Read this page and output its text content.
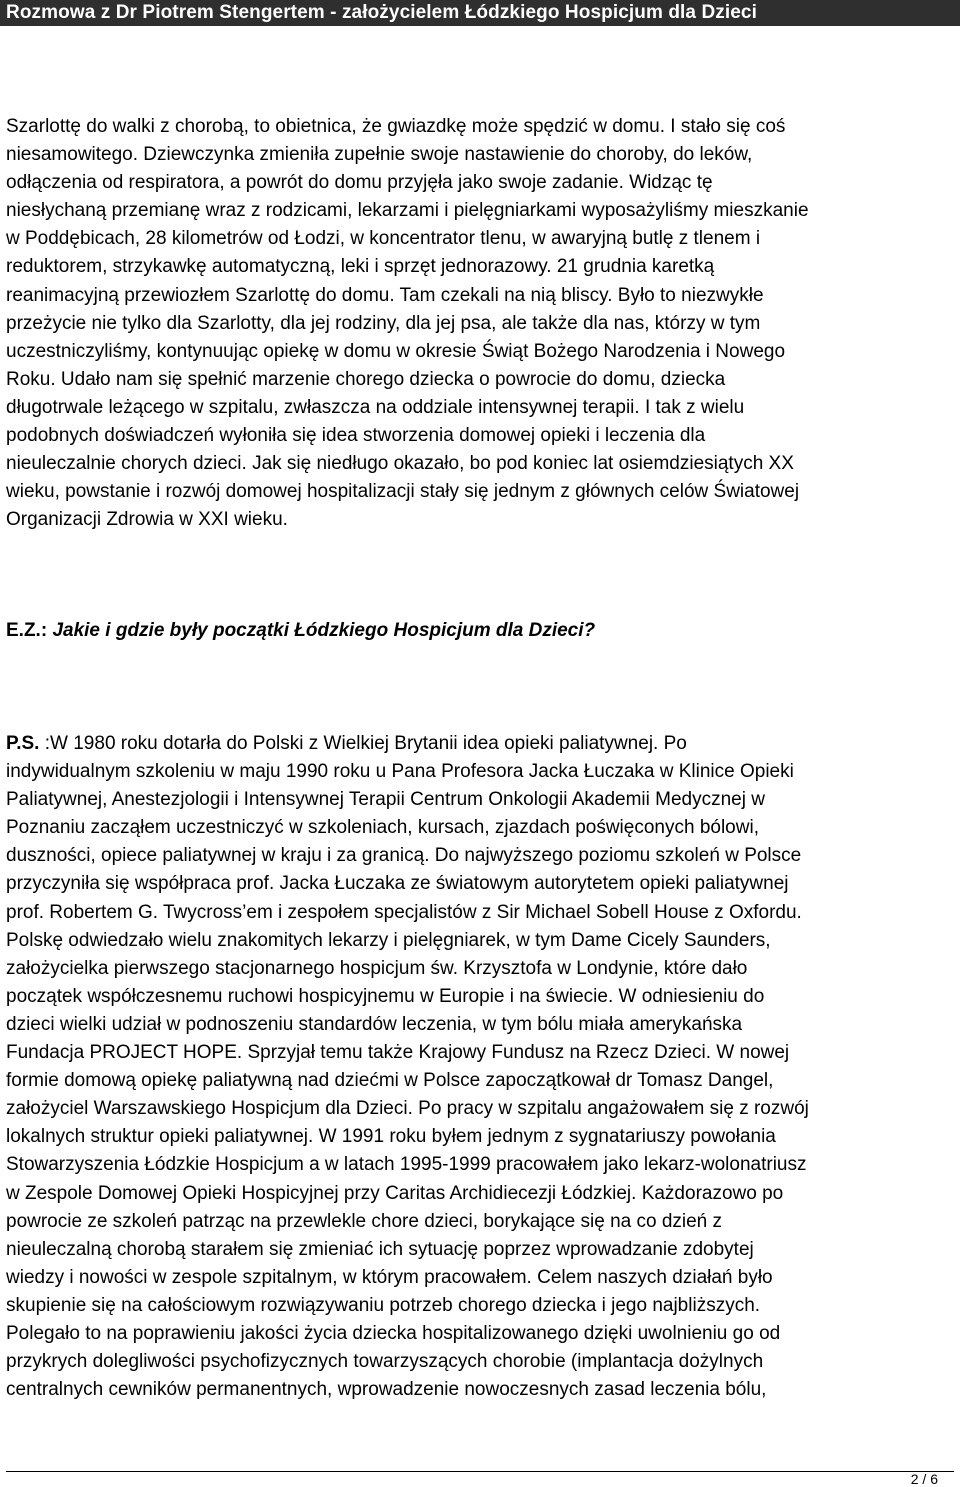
Rozmowa z Dr Piotrem Stengertem - założycielem Łódzkiego Hospicjum dla Dzieci
Szarlottę do walki z chorobą, to obietnica, że gwiazdkę może spędzić w domu. I stało się coś
niesamowitego. Dziewczynka zmieniła zupełnie swoje nastawienie do choroby, do leków,
odłączenia od respiratora, a powrót do domu przyjęła jako swoje zadanie. Widząc tę
niesłychaną przemianę wraz z rodzicami, lekarzami i pielęgniarkami wyposażyliśmy mieszkanie
w Poddębicach, 28 kilometrów od Łodzi, w koncentrator tlenu, w awaryjną butlę z tlenem i
reduktorem, strzykawkę automatyczną, leki i sprzęt jednorazowy. 21 grudnia karetką
reanimacyjną przewiozłem Szarlottę do domu. Tam czekali na nią bliscy. Było to niezwykłe
przeżycie nie tylko dla Szarlotty, dla jej rodziny, dla jej psa, ale także dla nas, którzy w tym
uczestniczyliśmy, kontynuując opiekę w domu w okresie Świąt Bożego Narodzenia i Nowego
Roku. Udało nam się spełnić marzenie chorego dziecka o powrocie do domu, dziecka
długotrwale leżącego w szpitalu, zwłaszcza na oddziale intensywnej terapii. I tak z wielu
podobnych doświadczeń wyłoniła się idea stworzenia domowej opieki i leczenia dla
nieuleczalnie chorych dzieci. Jak się niedługo okazało, bo pod koniec lat osiemdziesiątych XX
wieku, powstanie i rozwój domowej hospitalizacji stały się jednym z głównych celów Światowej
Organizacji Zdrowia w XXI wieku.
E.Z.: Jakie i gdzie były początki Łódzkiego Hospicjum dla Dzieci?
P.S. :W 1980 roku dotarła do Polski z Wielkiej Brytanii idea opieki paliatywnej. Po
indywidualnym szkoleniu w maju 1990 roku u Pana Profesora Jacka Łuczaka w Klinice Opieki
Paliatywnej, Anestezjologii i Intensywnej Terapii Centrum Onkologii Akademii Medycznej w
Poznaniu zacząłem uczestniczyć w szkoleniach, kursach, zjazdach poświęconych bólowi,
duszności, opiece paliatywnej w kraju i za granicą. Do najwyższego poziomu szkoleń w Polsce
przyczyniła się współpraca prof. Jacka Łuczaka ze światowym autorytetem opieki paliatywnej
prof. Robertem G. Twycross’em i zespołem specjalistów z Sir Michael Sobell House z Oxfordu.
Polskę odwiedzało wielu znakomitych lekarzy i pielęgniarek, w tym Dame Cicely Saunders,
założycielka pierwszego stacjonarnego hospicjum św. Krzysztofa w Londynie, które dało
początek współczesnemu ruchowi hospicyjnemu w Europie i na świecie. W odniesieniu do
dzieci wielki udział w podnoszeniu standardów leczenia, w tym bólu miała amerykańska
Fundacja PROJECT HOPE. Sprzyjał temu także Krajowy Fundusz na Rzecz Dzieci. W nowej
formie domową opiekę paliatywną nad dziećmi w Polsce zapoczątkował dr Tomasz Dangel,
założyciel Warszawskiego Hospicjum dla Dzieci. Po pracy w szpitalu angażowałem się z rozwój
lokalnych struktur opieki paliatywnej. W 1991 roku byłem jednym z sygnatariuszy powołania
Stowarzyszenia Łódzkie Hospicjum a w latach 1995-1999 pracowałem jako lekarz-wolonatriusz
w Zespole Domowej Opieki Hospicyjnej przy Caritas Archidiecezji Łódzkiej. Każdorazowo po
powrocie ze szkoleń patrząc na przewlekle chore dzieci, borykające się na co dzień z
nieuleczalną chorobą starałem się zmieniać ich sytuację poprzez wprowadzanie zdobytej
wiedzy i nowości w zespole szpitalnym, w którym pracowałem. Celem naszych działań było
skupienie się na całościowym rozwiązywaniu potrzeb chorego dziecka i jego najbliższych.
Polegało to na poprawieniu jakości życia dziecka hospitalizowanego dzięki uwolnieniu go od
przykrych dolegliwości psychofizycznych towarzyszących chorobie (implantacja dożylnych
centralnych cewników permanentnych, wprowadzenie nowoczesnych zasad leczenia bólu,
2 / 6
